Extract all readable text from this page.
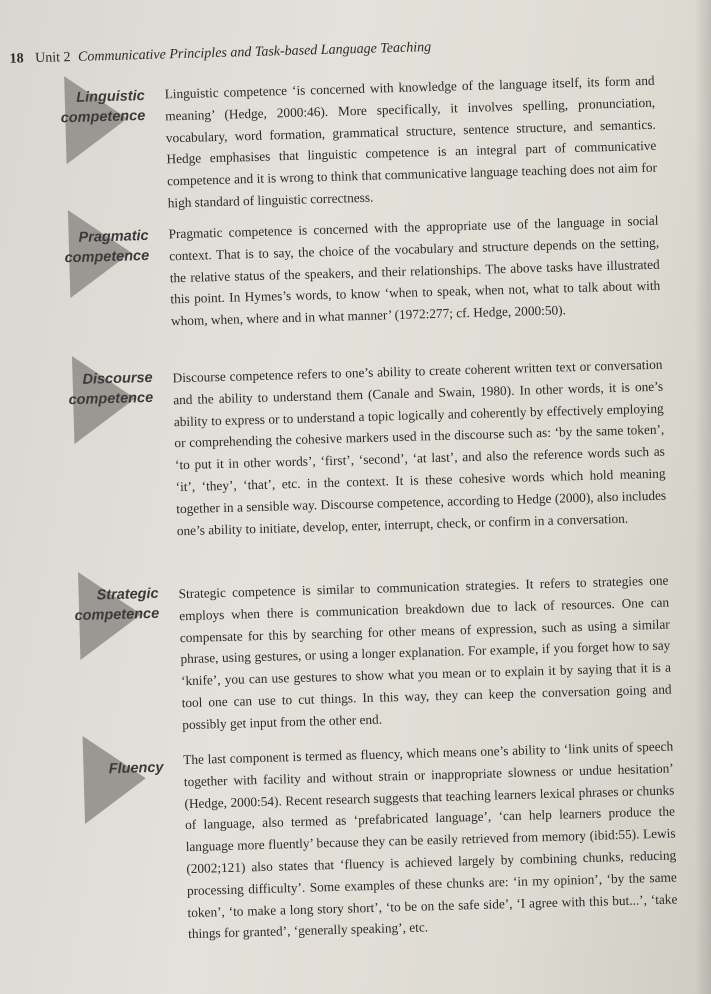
18 Unit 2 Communicative Principles and Task-based Language Teaching
Linguistic
competence
Linguistic competence ‘is concerned with knowledge of the language itself, its form and meaning’ (Hedge, 2000:46). More specifically, it involves spelling, pronunciation, vocabulary, word formation, grammatical structure, sentence structure, and semantics. Hedge emphasises that linguistic competence is an integral part of communicative competence and it is wrong to think that communicative language teaching does not aim for high standard of linguistic correctness.
Pragmatic
competence
Pragmatic competence is concerned with the appropriate use of the language in social context. That is to say, the choice of the vocabulary and structure depends on the setting, the relative status of the speakers, and their relationships. The above tasks have illustrated this point. In Hymes’s words, to know ‘when to speak, when not, what to talk about with whom, when, where and in what manner’ (1972:277; cf. Hedge, 2000:50).
Discourse
competence
Discourse competence refers to one’s ability to create coherent written text or conversation and the ability to understand them (Canale and Swain, 1980). In other words, it is one’s ability to express or to understand a topic logically and coherently by effectively employing or comprehending the cohesive markers used in the discourse such as: ‘by the same token’, ‘to put it in other words’, ‘first’, ‘second’, ‘at last’, and also the reference words such as ‘it’, ‘they’, ‘that’, etc. in the context. It is these cohesive words which hold meaning together in a sensible way. Discourse competence, according to Hedge (2000), also includes one’s ability to initiate, develop, enter, interrupt, check, or confirm in a conversation.
Strategic
competence
Strategic competence is similar to communication strategies. It refers to strategies one employs when there is communication breakdown due to lack of resources. One can compensate for this by searching for other means of expression, such as using a similar phrase, using gestures, or using a longer explanation. For example, if you forget how to say ‘knife’, you can use gestures to show what you mean or to explain it by saying that it is a tool one can use to cut things. In this way, they can keep the conversation going and possibly get input from the other end.
Fluency
The last component is termed as fluency, which means one’s ability to ‘link units of speech together with facility and without strain or inappropriate slowness or undue hesitation’ (Hedge, 2000:54). Recent research suggests that teaching learners lexical phrases or chunks of language, also termed as ‘prefabricated language’, ‘can help learners produce the language more fluently’ because they can be easily retrieved from memory (ibid:55). Lewis (2002;121) also states that ‘fluency is achieved largely by combining chunks, reducing processing difficulty’. Some examples of these chunks are: ‘in my opinion’, ‘by the same token’, ‘to make a long story short’, ‘to be on the safe side’, ‘I agree with this but...’, ‘take things for granted’, ‘generally speaking’, etc.
